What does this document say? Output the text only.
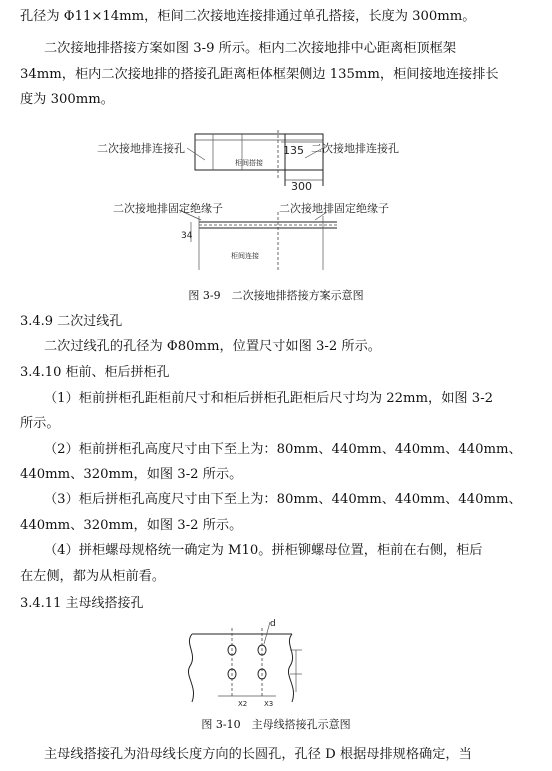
孔径为 Φ11×14mm，柜间二次接地连接排通过单孔搭接，长度为 300mm。
二次接地排搭接方案如图 3-9 所示。柜内二次接地排中心距离柜顶框架
34mm，柜内二次接地排的搭接孔距离柜体框架侧边 135mm，柜间接地连接排长
度为 300mm。
二次接地排连接孔	二次接地排连接孔
135
300
柜间搭接
二次接地排固定绝缘子	二次接地排固定绝缘子
34
柜间连接
图 3-9　二次接地排搭接方案示意图
3.4.9 二次过线孔
二次过线孔的孔径为 Φ80mm，位置尺寸如图 3-2 所示。
3.4.10 柜前、柜后拼柜孔
（1）柜前拼柜孔距柜前尺寸和柜后拼柜孔距柜后尺寸均为 22mm，如图 3-2
所示。
（2）柜前拼柜孔高度尺寸由下至上为：80mm、440mm、440mm、440mm、
440mm、320mm，如图 3-2 所示。
（3）柜后拼柜孔高度尺寸由下至上为：80mm、440mm、440mm、440mm、
440mm、320mm，如图 3-2 所示。
（4）拼柜螺母规格统一确定为 M10。拼柜铆螺母位置，柜前在右侧，柜后
在左侧，都为从柜前看。
3.4.11 主母线搭接孔
d
X2 X3
图 3-10　主母线搭接孔示意图
主母线搭接孔为沿母线长度方向的长圆孔，孔径 D 根据母排规格确定，当
